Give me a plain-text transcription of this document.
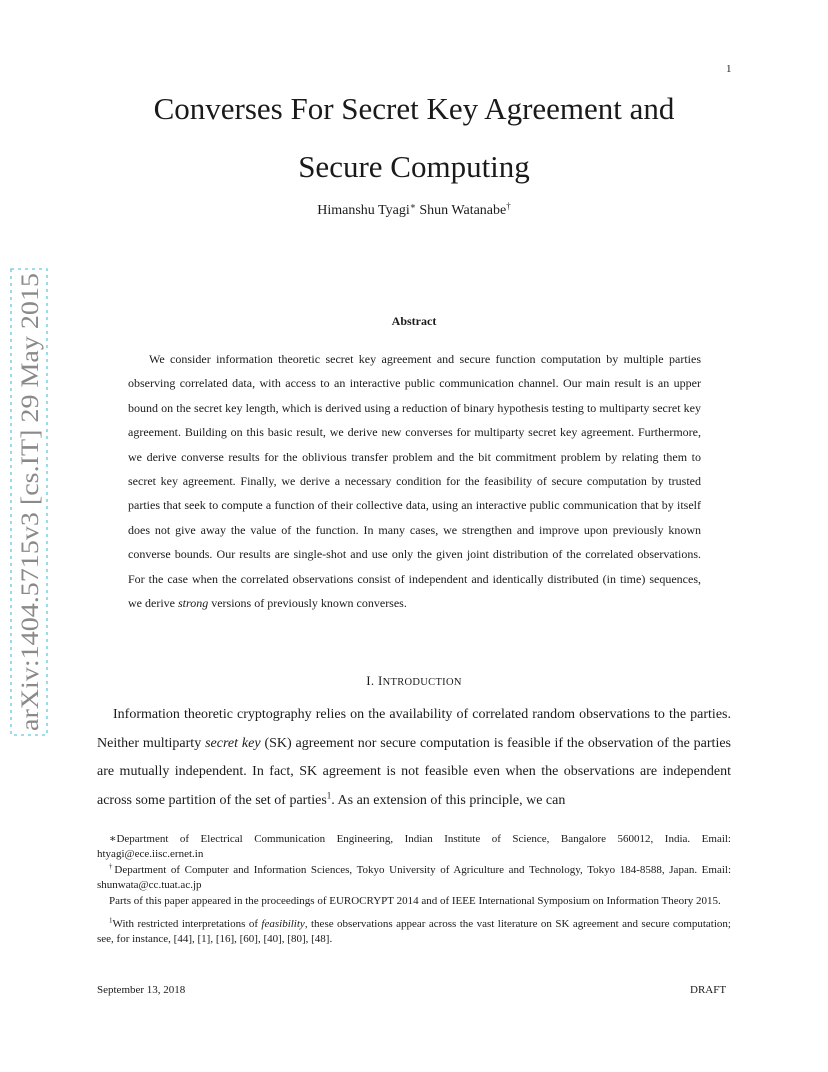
1
arXiv:1404.5715v3 [cs.IT] 29 May 2015
Converses For Secret Key Agreement and
Secure Computing
Himanshu Tyagi∗ Shun Watanabe†
Abstract

We consider information theoretic secret key agreement and secure function computation by multiple parties observing correlated data, with access to an interactive public communication channel. Our main result is an upper bound on the secret key length, which is derived using a reduction of binary hypothesis testing to multiparty secret key agreement. Building on this basic result, we derive new converses for multiparty secret key agreement. Furthermore, we derive converse results for the oblivious transfer problem and the bit commitment problem by relating them to secret key agreement. Finally, we derive a necessary condition for the feasibility of secure computation by trusted parties that seek to compute a function of their collective data, using an interactive public communication that by itself does not give away the value of the function. In many cases, we strengthen and improve upon previously known converse bounds. Our results are single-shot and use only the given joint distribution of the correlated observations. For the case when the correlated observations consist of independent and identically distributed (in time) sequences, we derive strong versions of previously known converses.

I. INTRODUCTION

Information theoretic cryptography relies on the availability of correlated random observations to the parties. Neither multiparty secret key (SK) agreement nor secure computation is feasible if the observation of the parties are mutually independent. In fact, SK agreement is not feasible even when the observations are independent across some partition of the set of parties$^1$. As an extension of this principle, we can

∗Department of Electrical Communication Engineering, Indian Institute of Science, Bangalore 560012, India. Email: htyagi@ece.iisc.ernet.in

†Department of Computer and Information Sciences, Tokyo University of Agriculture and Technology, Tokyo 184-8588, Japan. Email: shunwata@cc.tuat.ac.jp

Parts of this paper appeared in the proceedings of EUROCRYPT 2014 and of IEEE International Symposium on Information Theory 2015.

$^1$With restricted interpretations of feasibility, these observations appear across the vast literature on SK agreement and secure computation; see, for instance, [44], [1], [16], [60], [40], [80], [48].

September 13, 2018	DRAFT
